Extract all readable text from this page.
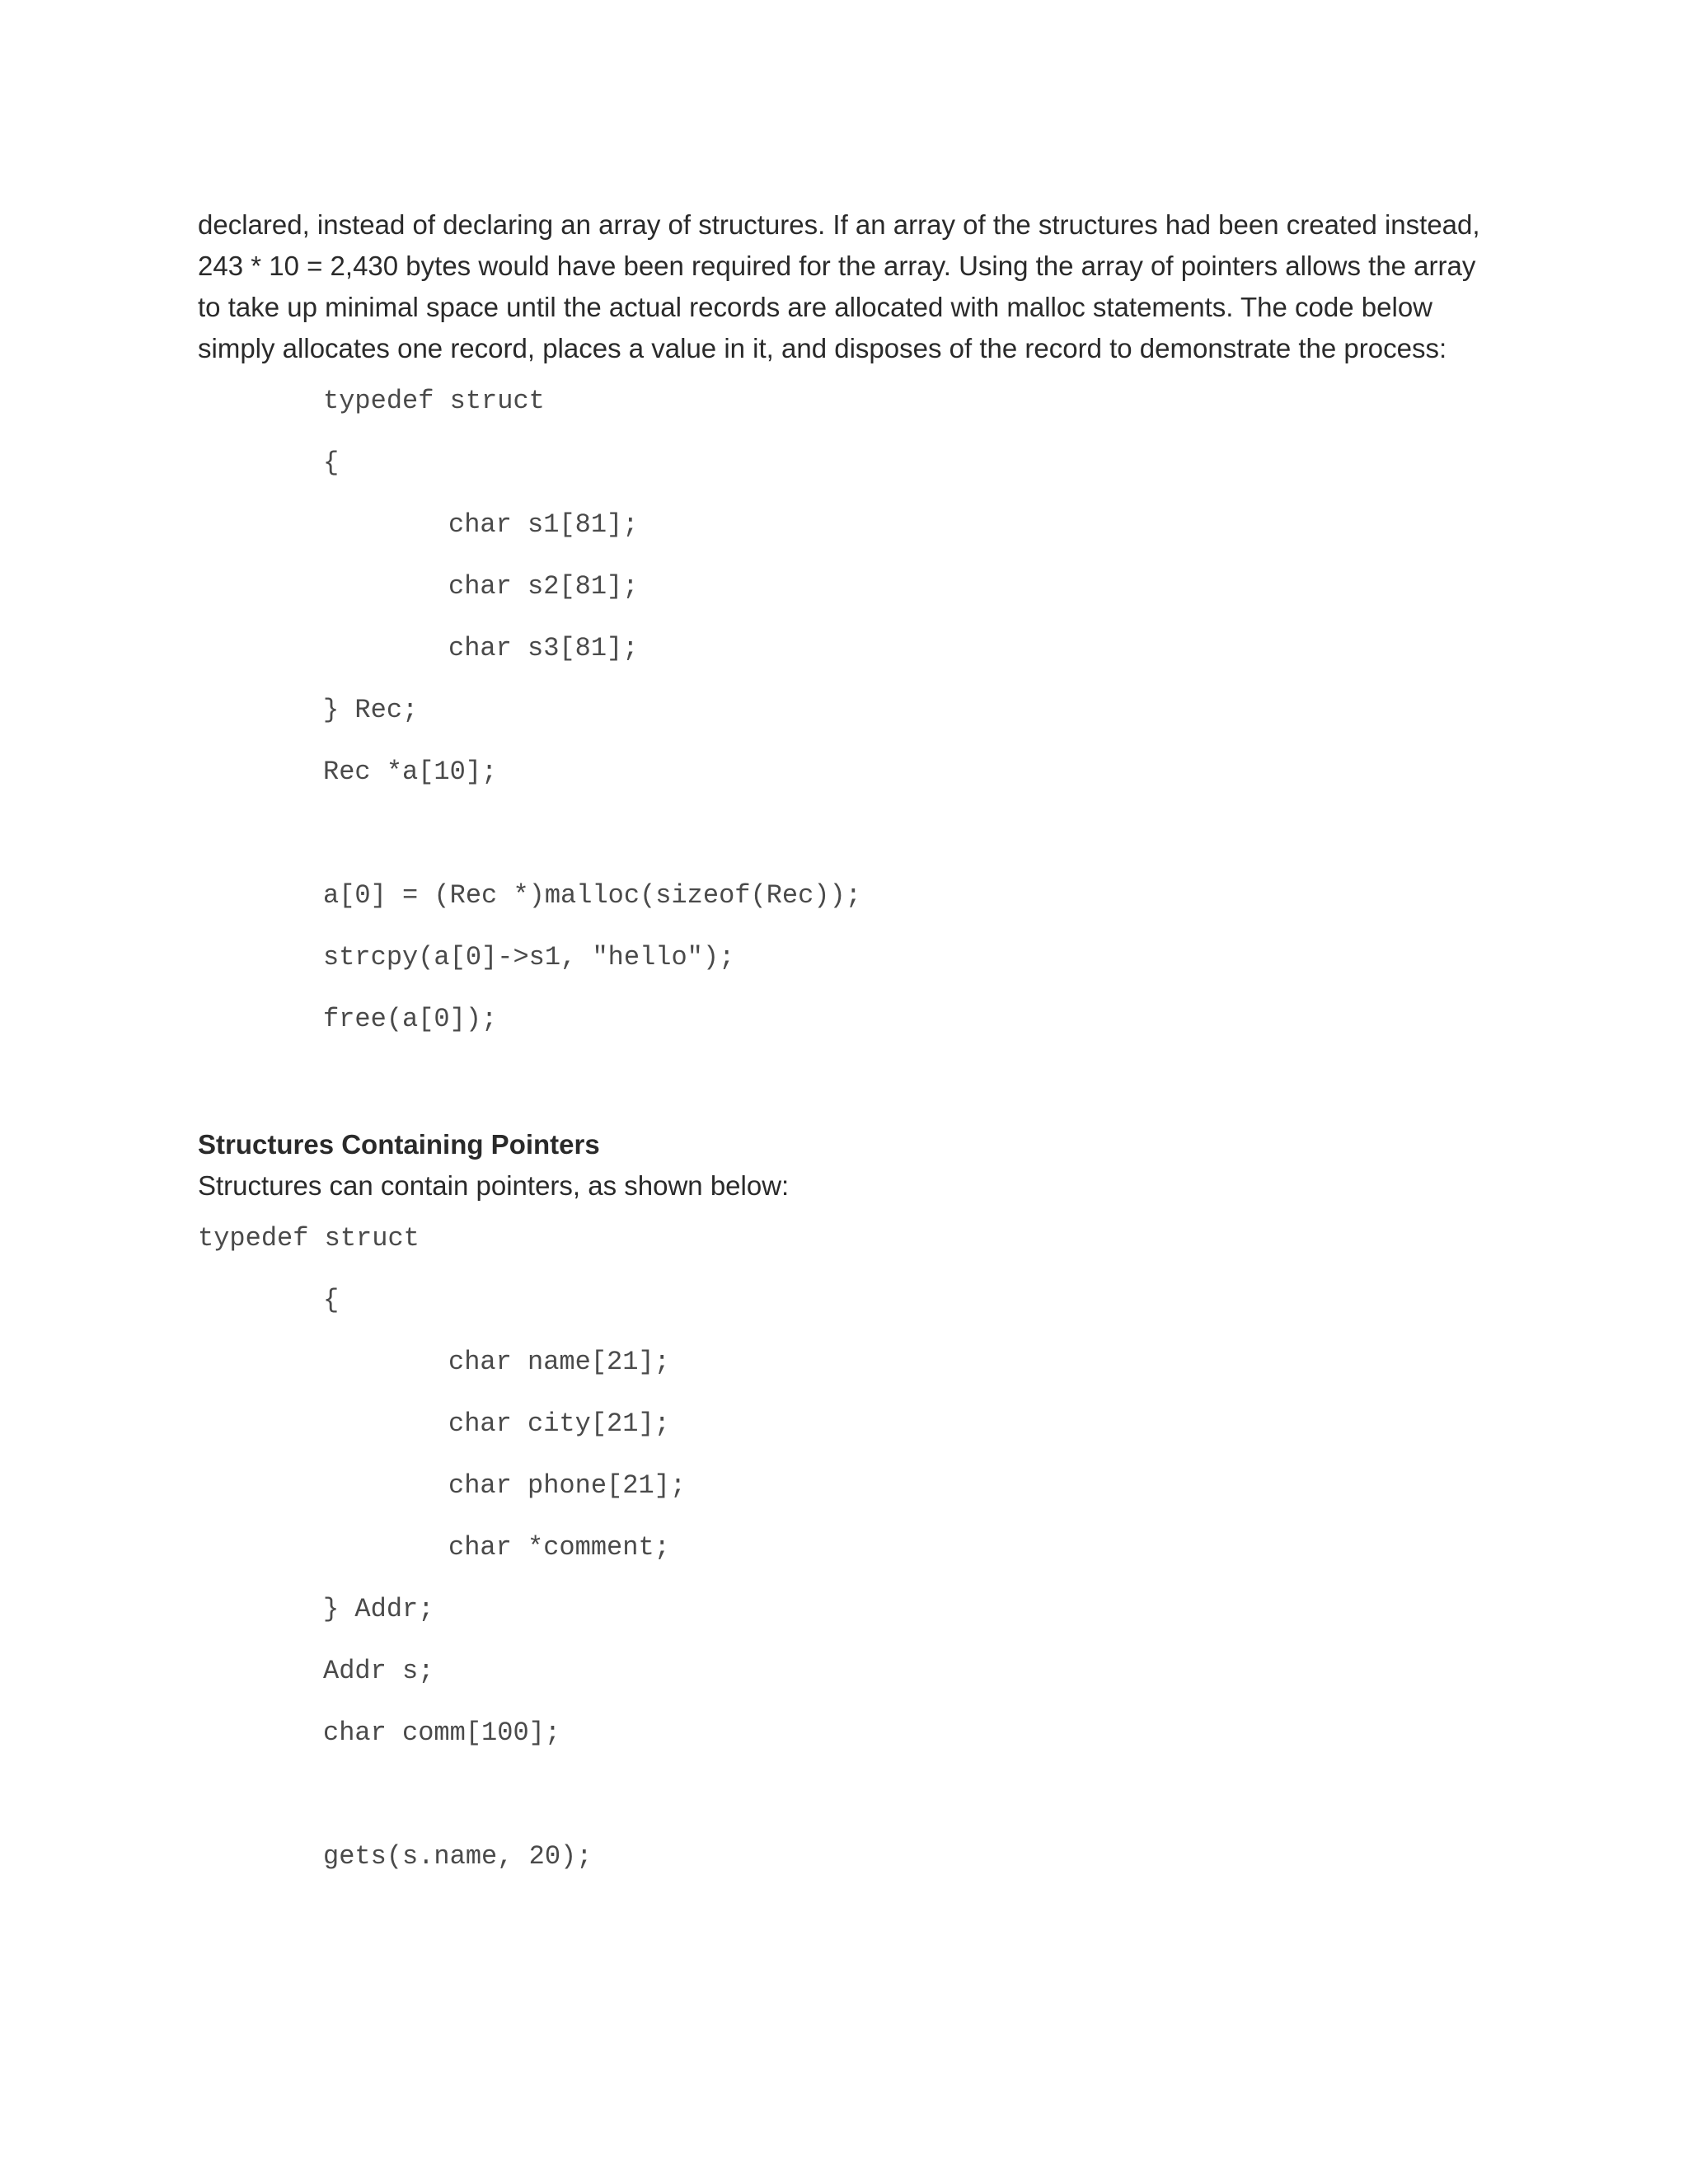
declared, instead of declaring an array of structures. If an array of the structures had been created instead, 243 * 10 = 2,430 bytes would have been required for the array. Using the array of pointers allows the array to take up minimal space until the actual records are allocated with malloc statements. The code below simply allocates one record, places a value in it, and disposes of the record to demonstrate the process:

typedef struct
{
char s1[81];
char s2[81];
char s3[81];
} Rec;
Rec *a[10];
a[0] = (Rec *)malloc(sizeof(Rec));
strcpy(a[0]->s1, "hello");
free(a[0]);
Structures Containing Pointers

Structures can contain pointers, as shown below:

typedef struct
{
char name[21];
char city[21];
char phone[21];
char *comment;
} Addr;
Addr s;
char comm[100];
gets(s.name, 20);
